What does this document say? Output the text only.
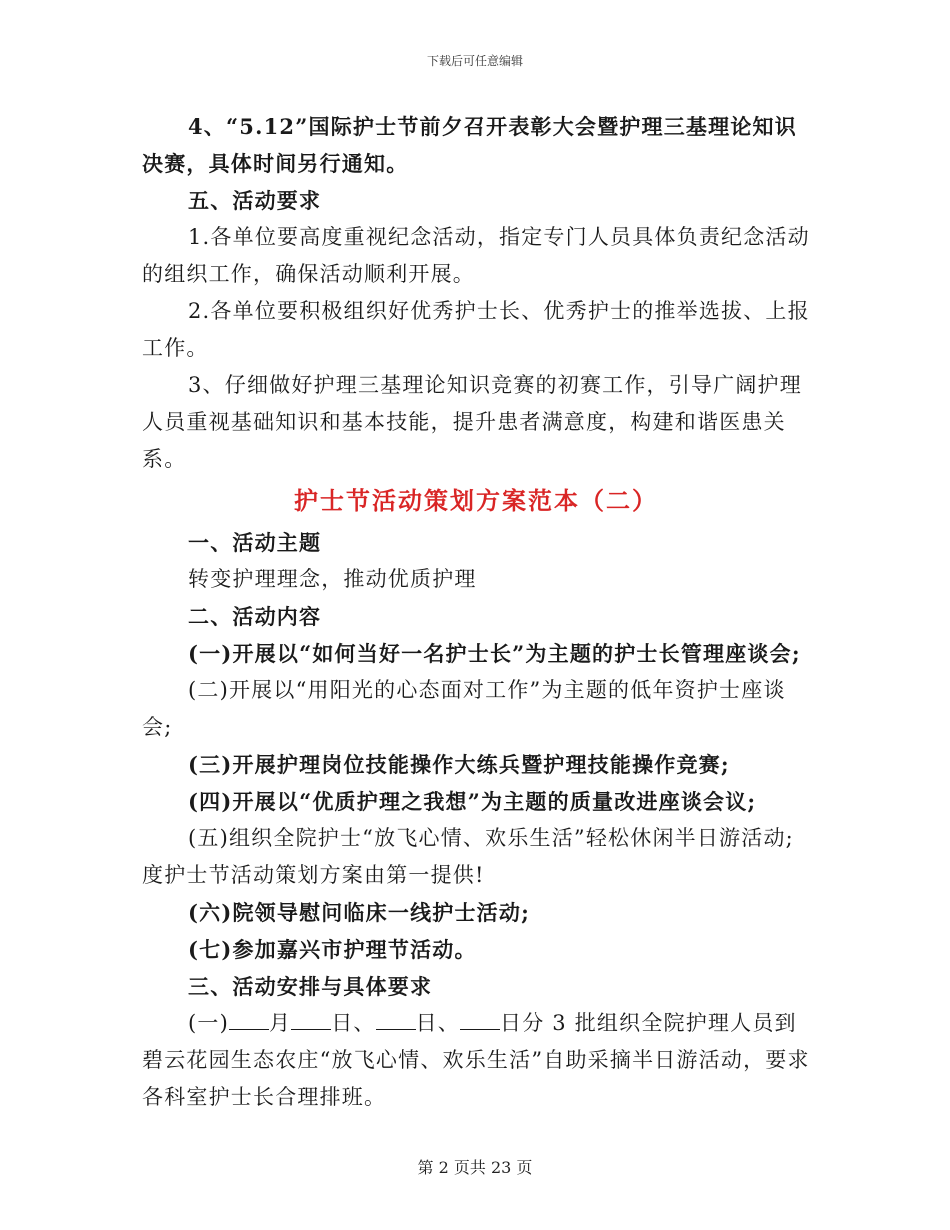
下载后可任意编辑

4、“5.12”国际护士节前夕召开表彰大会暨护理三基理论知识决赛，具体时间另行通知。

五、活动要求

1.各单位要高度重视纪念活动，指定专门人员具体负责纪念活动的组织工作，确保活动顺利开展。

2.各单位要积极组织好优秀护士长、优秀护士的推举选拔、上报工作。

3、仔细做好护理三基理论知识竞赛的初赛工作，引导广阔护理人员重视基础知识和基本技能，提升患者满意度，构建和谐医患关系。

护士节活动策划方案范本（二）

一、活动主题

转变护理理念，推动优质护理

二、活动内容

(一)开展以“如何当好一名护士长”为主题的护士长管理座谈会;

(二)开展以“用阳光的心态面对工作”为主题的低年资护士座谈会;

(三)开展护理岗位技能操作大练兵暨护理技能操作竞赛;

(四)开展以“优质护理之我想”为主题的质量改进座谈会议;

(五)组织全院护士“放飞心情、欢乐生活”轻松休闲半日游活动;度护士节活动策划方案由第一提供!

(六)院领导慰问临床一线护士活动;

(七)参加嘉兴市护理节活动。

三、活动安排与具体要求

(一) 月 日、 日、 日分 3 批组织全院护理人员到碧云花园生态农庄“放飞心情、欢乐生活”自助采摘半日游活动，要求各科室护士长合理排班。

第 2 页共 23 页
